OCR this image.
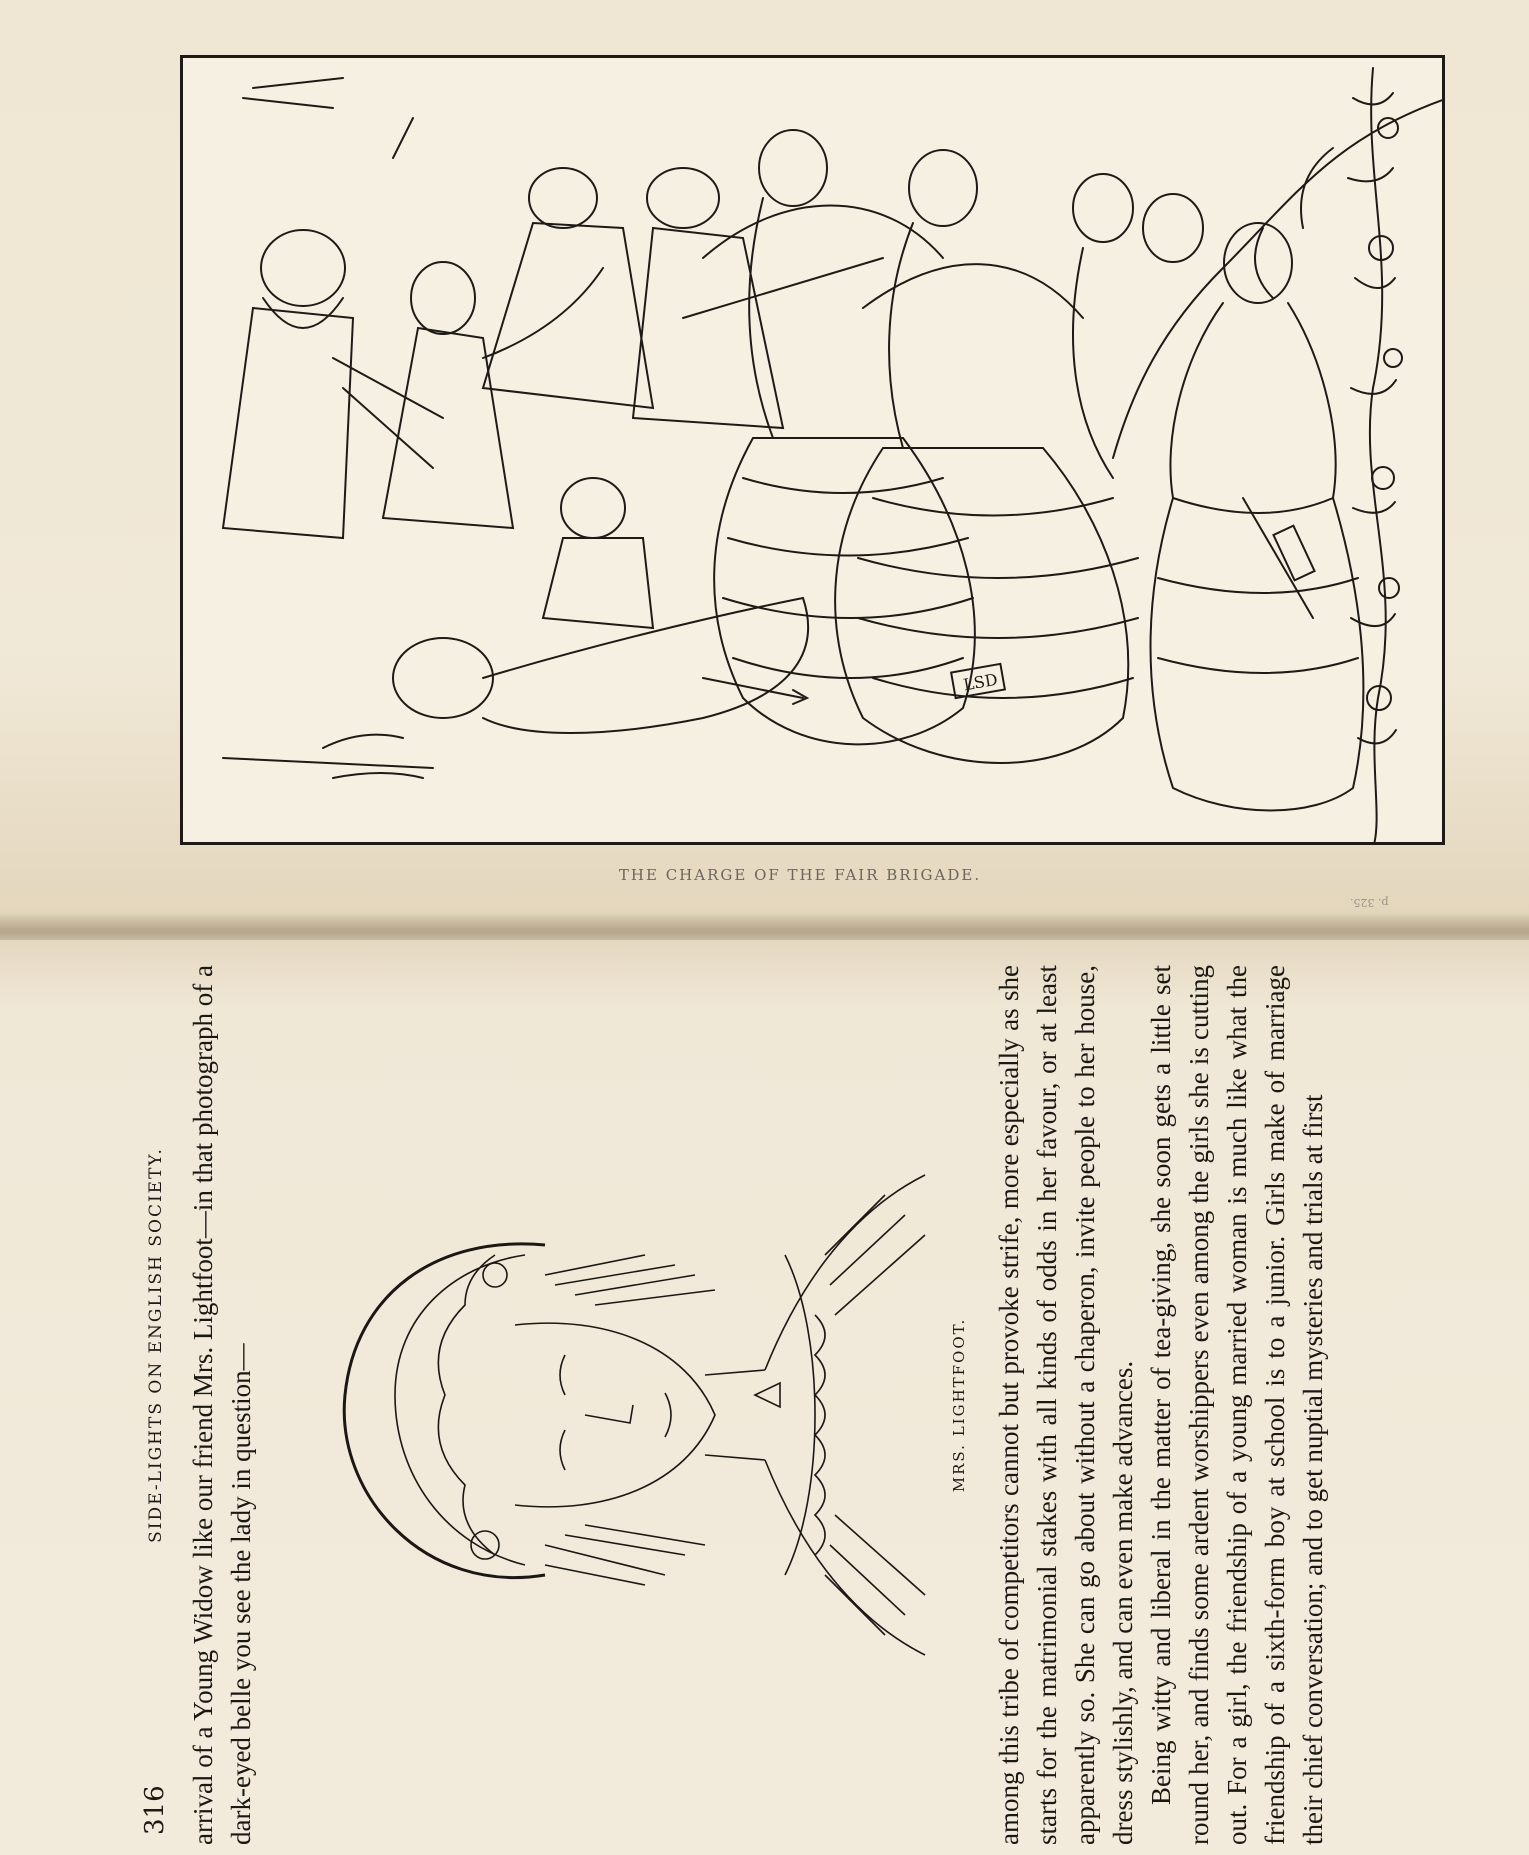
LSD
THE CHARGE OF THE FAIR BRIGADE.
p. 325.
316
SIDE-LIGHTS ON ENGLISH SOCIETY. arrival of a Young Widow like our friend Mrs. Lightfoot—in that photograph of a dark-eyed belle you see the lady in question—	MRS. LIGHTFOOT. among this tribe of competitors cannot but provoke strife, more especially as she starts for the matrimonial stakes with all kinds of odds in her favour, or at least apparently so. She can go about without a chaperon, invite people to her house, dress stylishly, and can even make advances. Being witty and liberal in the matter of tea-giving, she soon gets a little set round her, and finds some ardent worshippers even among the girls she is cutting out. For a girl, the friendship of a young married woman is much like what the friendship of a sixth-form boy at school is to a junior. Girls make of marriage their chief conversation; and to get nuptial mysteries and trials at first
